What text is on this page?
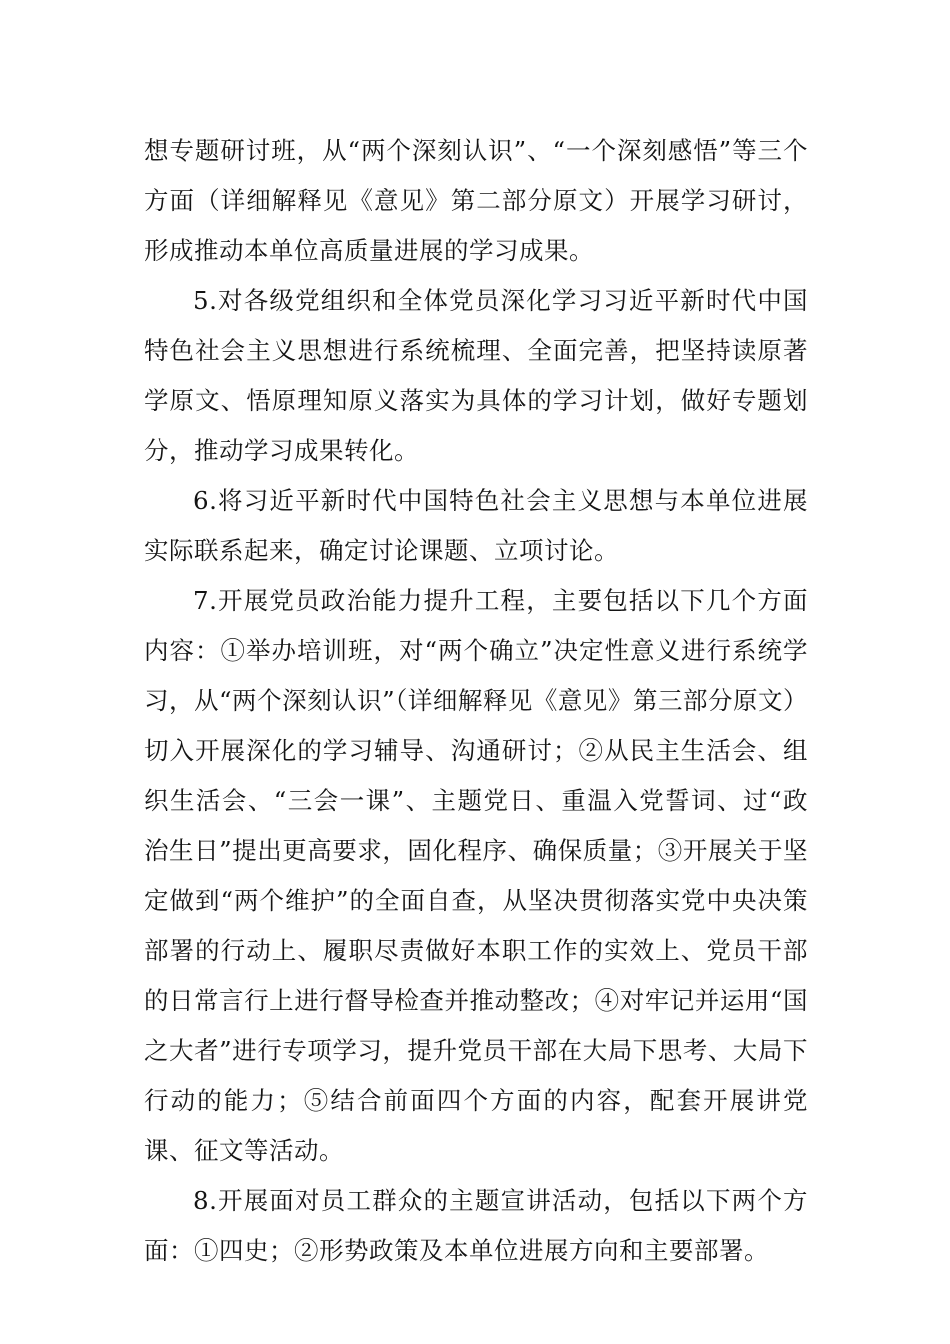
想专题研讨班，从“两个深刻认识”、“一个深刻感悟”等三个方面（详细解释见《意见》第二部分原文）开展学习研讨，形成推动本单位高质量进展的学习成果。

5.对各级党组织和全体党员深化学习习近平新时代中国特色社会主义思想进行系统梳理、全面完善，把坚持读原著学原文、悟原理知原义落实为具体的学习计划，做好专题划分，推动学习成果转化。

6.将习近平新时代中国特色社会主义思想与本单位进展实际联系起来，确定讨论课题、立项讨论。

7.开展党员政治能力提升工程，主要包括以下几个方面内容：①举办培训班，对“两个确立”决定性意义进行系统学习，从“两个深刻认识”（详细解释见《意见》第三部分原文）切入开展深化的学习辅导、沟通研讨；②从民主生活会、组织生活会、“三会一课”、主题党日、重温入党誓词、过“政治生日”提出更高要求，固化程序、确保质量；③开展关于坚定做到“两个维护”的全面自查，从坚决贯彻落实党中央决策部署的行动上、履职尽责做好本职工作的实效上、党员干部的日常言行上进行督导检查并推动整改；④对牢记并运用“国之大者”进行专项学习，提升党员干部在大局下思考、大局下行动的能力；⑤结合前面四个方面的内容，配套开展讲党课、征文等活动。

8.开展面对员工群众的主题宣讲活动，包括以下两个方面：①四史；②形势政策及本单位进展方向和主要部署。
